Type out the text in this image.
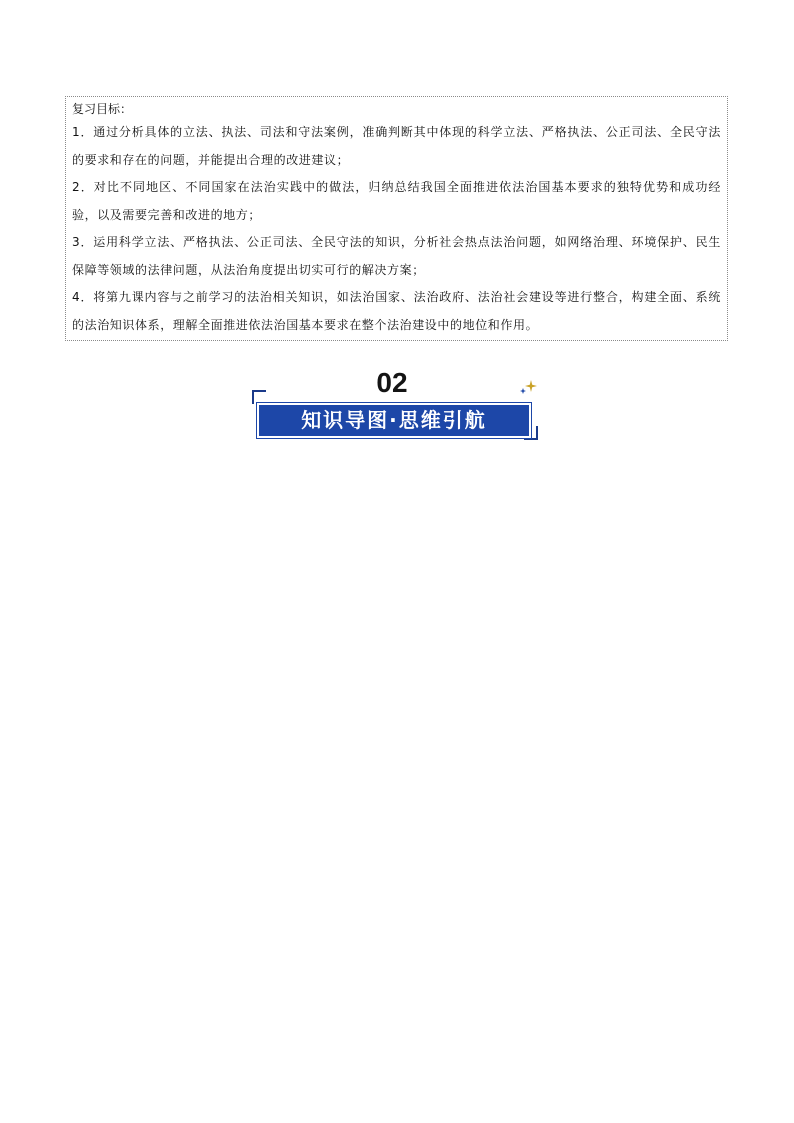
复习目标：
1．通过分析具体的立法、执法、司法和守法案例，准确判断其中体现的科学立法、严格执法、公正司法、全民守法的要求和存在的问题，并能提出合理的改进建议；
2．对比不同地区、不同国家在法治实践中的做法，归纳总结我国全面推进依法治国基本要求的独特优势和成功经验，以及需要完善和改进的地方；
3．运用科学立法、严格执法、公正司法、全民守法的知识，分析社会热点法治问题，如网络治理、环境保护、民生保障等领域的法律问题，从法治角度提出切实可行的解决方案；
4．将第九课内容与之前学习的法治相关知识，如法治国家、法治政府、法治社会建设等进行整合，构建全面、系统的法治知识体系，理解全面推进依法治国基本要求在整个法治建设中的地位和作用。
02
知识导图·思维引航
